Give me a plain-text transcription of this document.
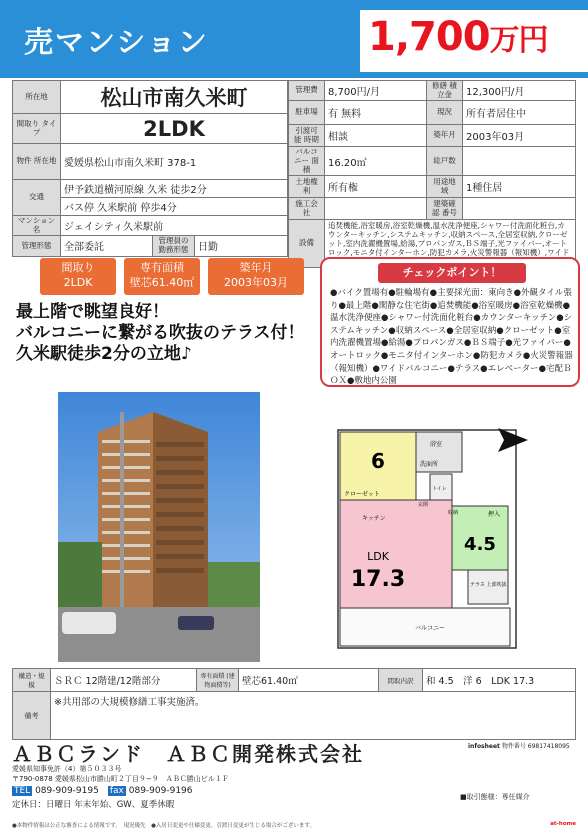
売マンション	1,700万円
所在地	松山市南久米町		
間取り タイプ	2LDK		
物件 所在地	愛媛県松山市南久米町 378-1		
交通	伊予鉄道横河原線 久米 徒歩2分		
	バス停 久米駅前 停歩4分		
マンション名	ジェイシティ久米駅前		
管理形態	全部委託	管理員の 勤務形態	日勤
管理費	8,700円/月	修繕 積立金	12,300円/月
駐車場	有 無料	現況	所有者居住中
引渡可能 時期	相談	築年月	2003年03月
バルコニー 面積	16.20㎡	総戸数	
土地権利	所有権	用途地域	1種住居
施工会社		建築確認 番号	
設備	追焚機能,浴室暖房,浴室乾燥機,温水洗浄便座,シャワー付洗面化粧台,カウンターキッチン,システムキッチン,収納スペース,全居室収納,クローゼット,室内洗濯機置場,給湯,プロパンガス,ＢＳ端子,光ファイバー,オートロック,モニタ付インターホン,防犯カメラ,火災警報器（報知機）,ワイド		
間取り
2LDK
専有面積
壁芯61.40㎡
築年月
2003年03月
最上階で眺望良好！
バルコニーに繋がる吹抜のテラス付！
久米駅徒歩2分の立地♪
チェックポイント！
●バイク置場有●駐輪場有●主要採光面：東向き●外観タイル張り●最上階●閑静な住宅街●追焚機能●浴室暖房●浴室乾燥機●温水洗浄便座●シャワー付洗面化粧台●カウンターキッチン●システムキッチン●収納スペース●全居室収納●クローゼット●室内洗濯機置場●給湯●プロパンガス●ＢＳ端子●光ファイバー●オートロック●モニタ付インターホン●防犯カメラ●火災警報器（報知機）●ワイドバルコニー●テラス●エレベーター●宅配ＢＯＸ●敷地内公園
6
クローゼット
浴室
洗面所
トイレ
LDK
17.3
キッチン
4.5
押入
テラス 上部吹抜
バルコニー
収納
玄関
構造・規模	ＳＲＣ 12階建/12階部分	専有面積 (建物面積等)	壁芯61.40㎡	間取内訳	和 4.5　洋 6　LDK 17.3
備考	※共用部の大規模修繕工事実施済。				
ＡＢＣランド　ＡＢＣ開発株式会社
愛媛県知事免許（4）第５０３３号
〒790-0878 愛媛県松山市勝山町２丁目９−９　ＡＢＣ勝山ビル１Ｆ
TEL 089-909-9195　 fax 089-909-9196
定休日：日曜日 年末年始、GW、夏季休暇
infosheet 物件番号 69817418095
■取引態様：専任媒介
●本物件情報は公正な審査による情報です。　現況優先　●入居日変更や仕様変更、引渡日変更が生じる場合がございます。	at-home
